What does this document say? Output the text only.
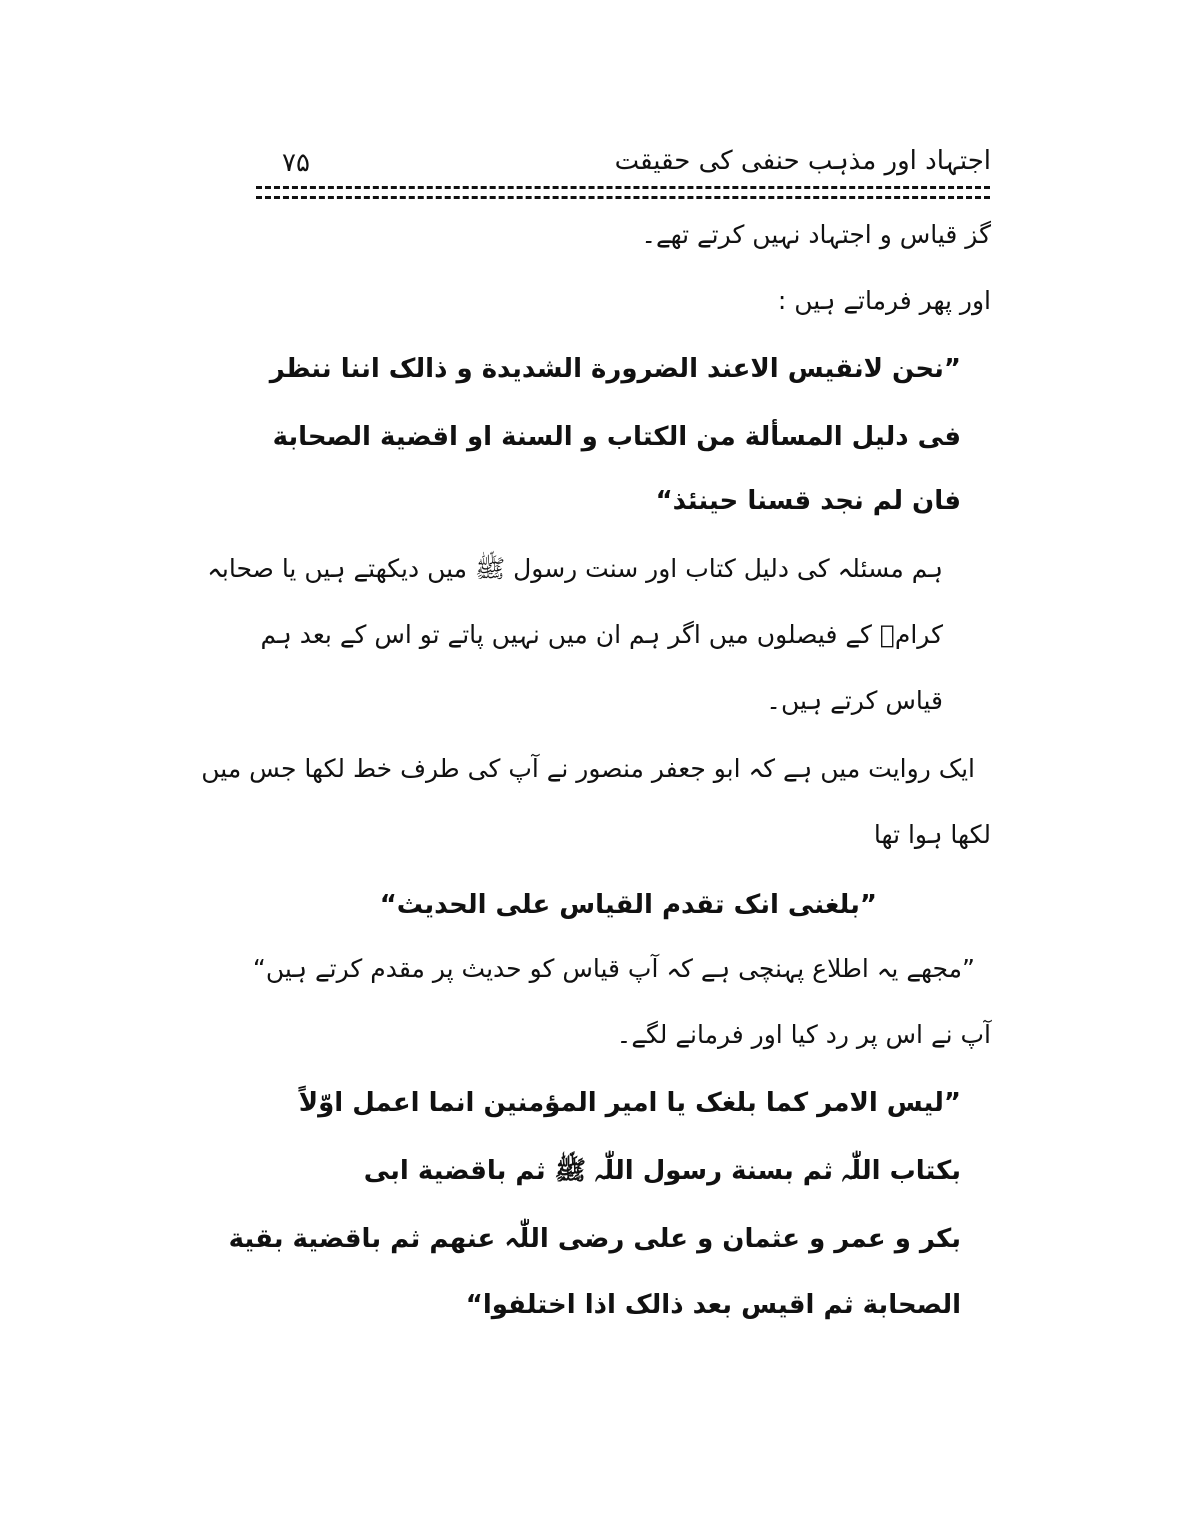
اجتہاد اور مذہب حنفی کی حقیقت
۷۵
گز قیاس و اجتہاد نہیں کرتے تھے۔
اور پھر فرماتے ہیں :
”نحن لانقیس الاعند الضرورة الشدیدة و ذالک اننا ننظر
فی دلیل المسألة من الکتاب و السنة او اقضیة الصحابة
فان لم نجد قسنا حینئذ“
ہم مسئلہ کی دلیل کتاب اور سنت رسول ﷺ میں دیکھتے ہیں یا صحابہ
کرامؓ کے فیصلوں میں اگر ہم ان میں نہیں پاتے تو اس کے بعد ہم
قیاس کرتے ہیں۔
ایک روایت میں ہے کہ ابو جعفر منصور نے آپ کی طرف خط لکھا جس میں
لکھا ہوا تھا
”بلغنی انک تقدم القیاس علی الحدیث“
”مجھے یہ اطلاع پہنچی ہے کہ آپ قیاس کو حدیث پر مقدم کرتے ہیں“
آپ نے اس پر رد کیا اور فرمانے لگے۔
”لیس الامر کما بلغک یا امیر المؤمنین انما اعمل اوّلاً
بکتاب اللّٰہ ثم بسنة رسول اللّٰہ ﷺ ثم باقضیة ابی
بکر و عمر و عثمان و علی رضی اللّٰہ عنهم ثم باقضیة بقیة
الصحابة ثم اقیس بعد ذالک اذا اختلفوا“
